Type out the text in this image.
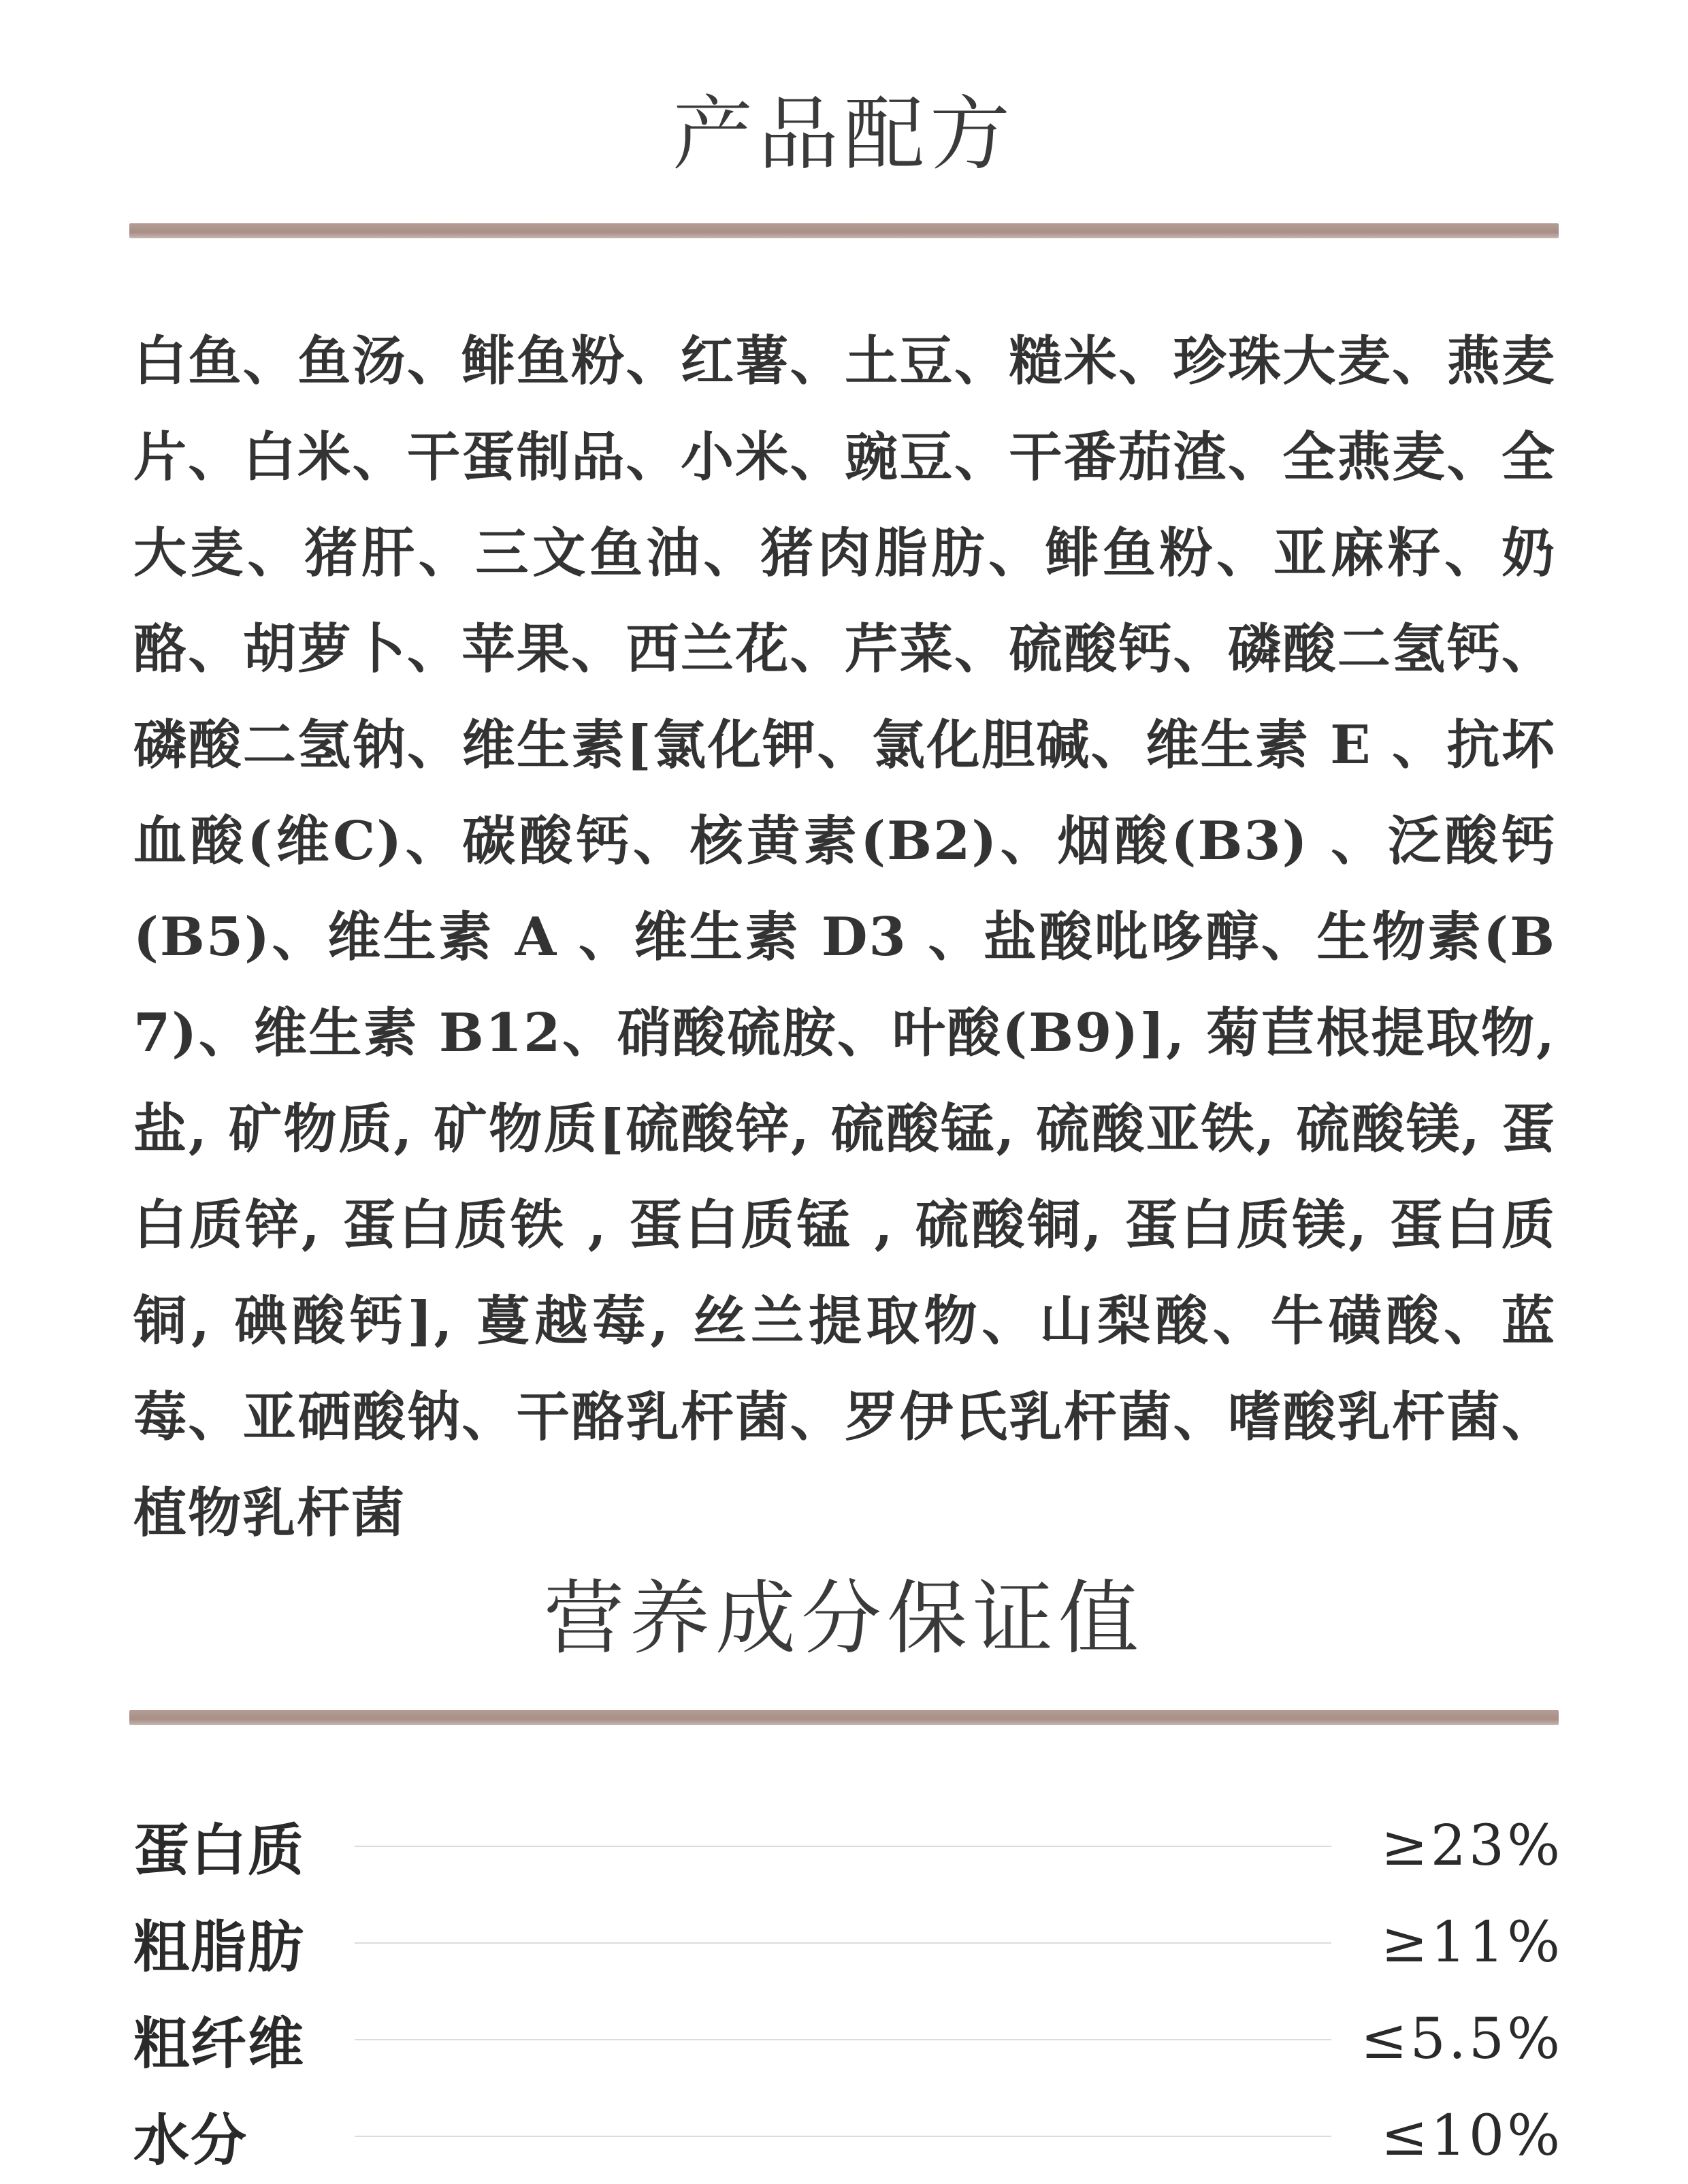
产品配方
白鱼、鱼汤、鲱鱼粉、红薯、土豆、糙米、珍珠大麦、燕麦片、白米、干蛋制品、小米、豌豆、干番茄渣、全燕麦、全大麦、猪肝、三文鱼油、猪肉脂肪、鲱鱼粉、亚麻籽、奶酪、胡萝卜、苹果、西兰花、芹菜、硫酸钙、磷酸二氢钙、磷酸二氢钠、维生素[氯化钾、氯化胆碱、维生素 E 、抗坏血酸(维C)、碳酸钙、核黄素(B2)、烟酸(B3) 、泛酸钙(B5)、维生素 A 、维生素 D3 、盐酸吡哆醇、生物素(B7)、维生素 B12、硝酸硫胺、叶酸(B9)], 菊苣根提取物, 盐, 矿物质, 矿物质[硫酸锌, 硫酸锰, 硫酸亚铁, 硫酸镁, 蛋白质锌, 蛋白质铁 , 蛋白质锰 , 硫酸铜, 蛋白质镁, 蛋白质铜, 碘酸钙], 蔓越莓, 丝兰提取物、山梨酸、牛磺酸、蓝莓、亚硒酸钠、干酪乳杆菌、罗伊氏乳杆菌、嗜酸乳杆菌、植物乳杆菌
营养成分保证值
蛋白质	≥23%
粗脂肪	≥11%
粗纤维	≤5.5%
水分	≤10%
